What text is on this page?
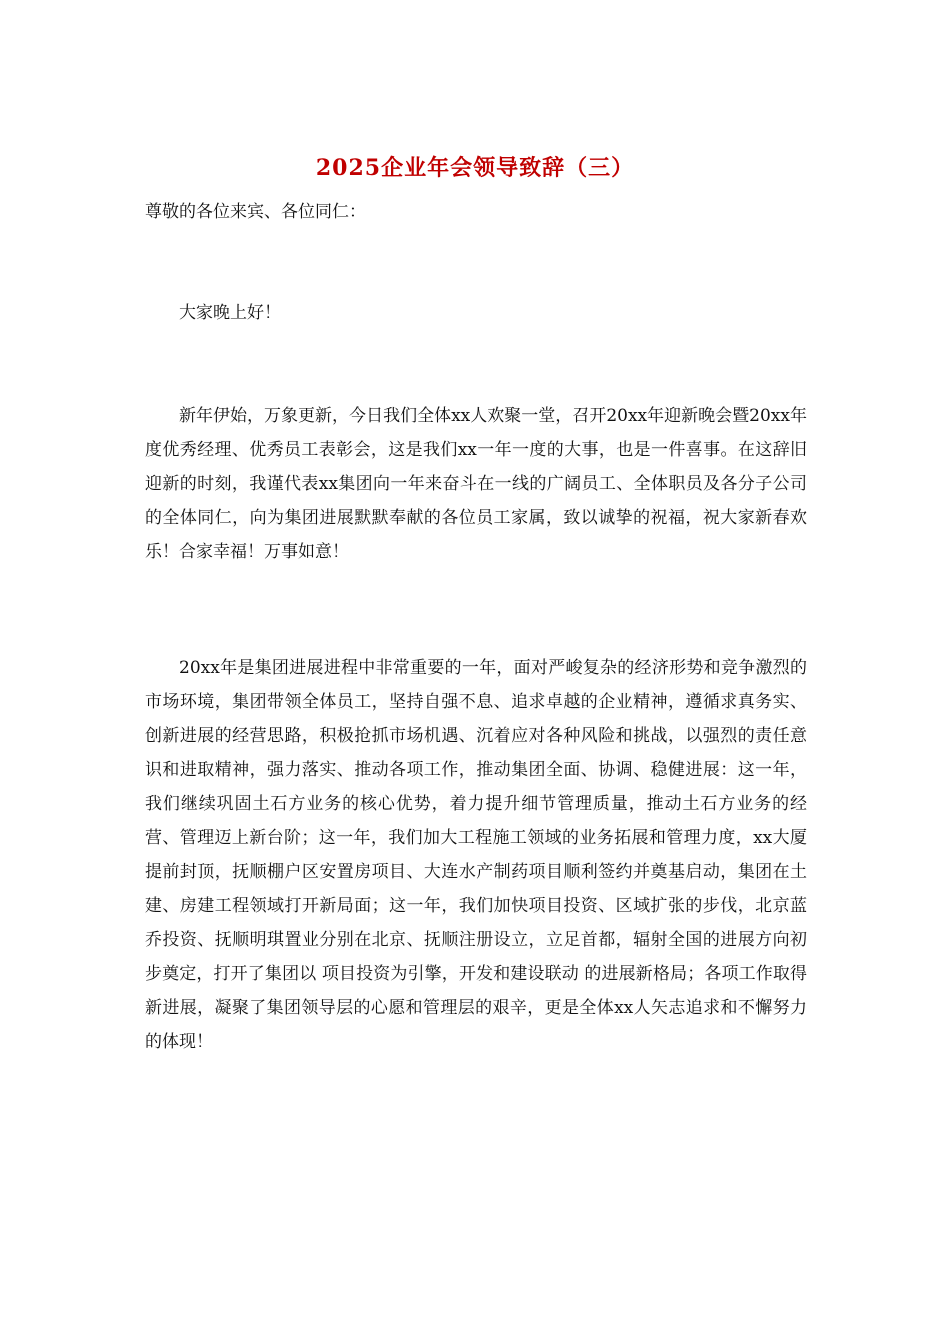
2025企业年会领导致辞（三）
尊敬的各位来宾、各位同仁：
大家晚上好！
新年伊始，万象更新，今日我们全体xx人欢聚一堂，召开20xx年迎新晚会暨20xx年度优秀经理、优秀员工表彰会，这是我们xx一年一度的大事，也是一件喜事。在这辞旧迎新的时刻，我谨代表xx集团向一年来奋斗在一线的广阔员工、全体职员及各分子公司的全体同仁，向为集团进展默默奉献的各位员工家属，致以诚挚的祝福，祝大家新春欢乐！合家幸福！万事如意！
20xx年是集团进展进程中非常重要的一年，面对严峻复杂的经济形势和竞争激烈的市场环境，集团带领全体员工，坚持自强不息、追求卓越的企业精神，遵循求真务实、创新进展的经营思路，积极抢抓市场机遇、沉着应对各种风险和挑战，以强烈的责任意识和进取精神，强力落实、推动各项工作，推动集团全面、协调、稳健进展：这一年，我们继续巩固土石方业务的核心优势，着力提升细节管理质量，推动土石方业务的经营、管理迈上新台阶；这一年，我们加大工程施工领域的业务拓展和管理力度，xx大厦提前封顶，抚顺棚户区安置房项目、大连水产制药项目顺利签约并奠基启动，集团在土建、房建工程领域打开新局面；这一年，我们加快项目投资、区域扩张的步伐，北京蓝乔投资、抚顺明琪置业分别在北京、抚顺注册设立，立足首都，辐射全国的进展方向初步奠定，打开了集团以 项目投资为引擎，开发和建设联动 的进展新格局；各项工作取得新进展，凝聚了集团领导层的心愿和管理层的艰辛，更是全体xx人矢志追求和不懈努力的体现！
